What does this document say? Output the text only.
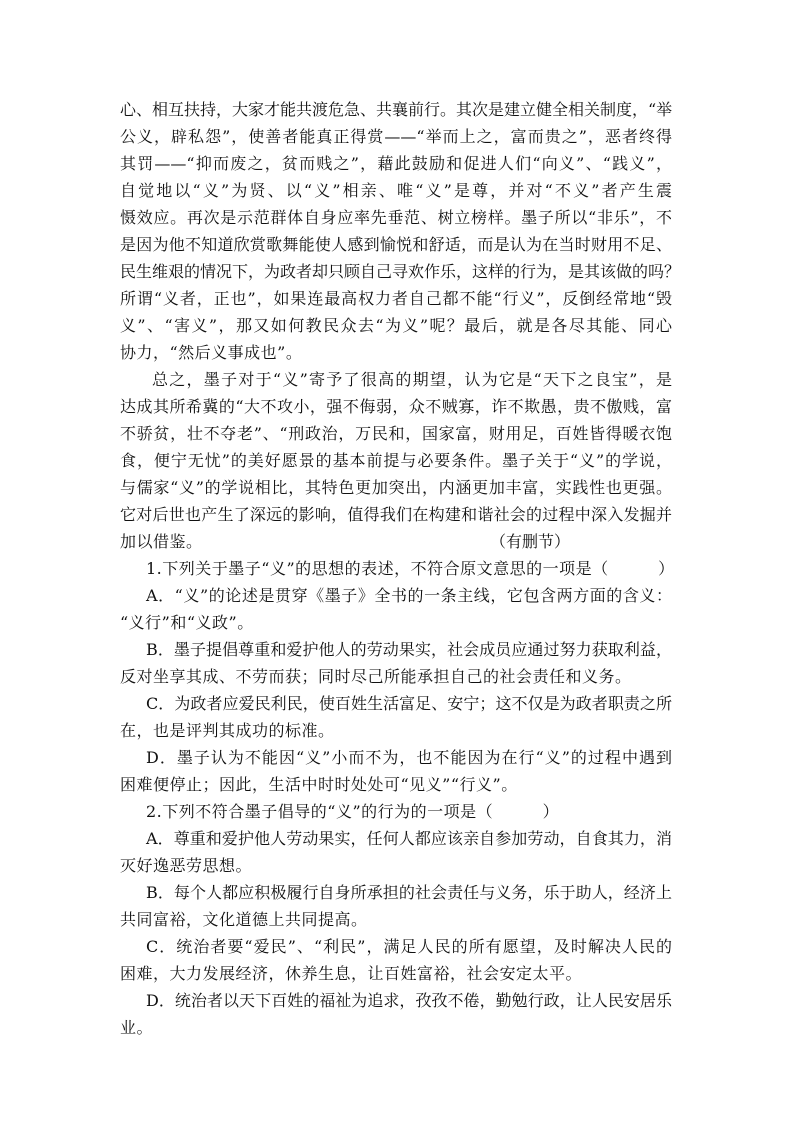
心、相互扶持，大家才能共渡危急、共襄前行。其次是建立健全相关制度，“举
公义，辟私怨”，使善者能真正得赏——“举而上之，富而贵之”，恶者终得
其罚——“抑而废之，贫而贱之”，藉此鼓励和促进人们“向义”、“践义”，
自觉地以“义”为贤、以“义”相亲、唯“义”是尊，并对“不义”者产生震
慑效应。再次是示范群体自身应率先垂范、树立榜样。墨子所以“非乐”，不
是因为他不知道欣赏歌舞能使人感到愉悦和舒适，而是认为在当时财用不足、
民生维艰的情况下，为政者却只顾自己寻欢作乐，这样的行为，是其该做的吗？
所谓“义者，正也”，如果连最高权力者自己都不能“行义”，反倒经常地“毁
义”、“害义”，那又如何教民众去“为义”呢？最后，就是各尽其能、同心
协力，“然后义事成也”。
总之，墨子对于“义”寄予了很高的期望，认为它是“天下之良宝”，是
达成其所希冀的“大不攻小，强不侮弱，众不贼寡，诈不欺愚，贵不傲贱，富
不骄贫，壮不夺老”、“刑政治，万民和，国家富，财用足，百姓皆得暖衣饱
食，便宁无忧”的美好愿景的基本前提与必要条件。墨子关于“义”的学说，
与儒家“义”的学说相比，其特色更加突出，内涵更加丰富，实践性也更强。
它对后世也产生了深远的影响，值得我们在构建和谐社会的过程中深入发掘并
加以借鉴。	（有删节）
1.下列关于墨子“义”的思想的表述，不符合原文意思的一项是（　　　）
A．“义”的论述是贯穿《墨子》全书的一条主线，它包含两方面的含义：
“义行”和“义政”。
B．墨子提倡尊重和爱护他人的劳动果实，社会成员应通过努力获取利益，
反对坐享其成、不劳而获；同时尽己所能承担自己的社会责任和义务。
C．为政者应爱民利民，使百姓生活富足、安宁；这不仅是为政者职责之所
在，也是评判其成功的标准。
D．墨子认为不能因“义”小而不为，也不能因为在行“义”的过程中遇到
困难便停止；因此，生活中时时处处可“见义”“行义”。
2.下列不符合墨子倡导的“义”的行为的一项是（　　　）
A．尊重和爱护他人劳动果实，任何人都应该亲自参加劳动，自食其力，消
灭好逸恶劳思想。
B．每个人都应积极履行自身所承担的社会责任与义务，乐于助人，经济上
共同富裕，文化道德上共同提高。
C．统治者要“爱民”、“利民”，满足人民的所有愿望，及时解决人民的
困难，大力发展经济，休养生息，让百姓富裕，社会安定太平。
D．统治者以天下百姓的福祉为追求，孜孜不倦，勤勉行政，让人民安居乐
业。
